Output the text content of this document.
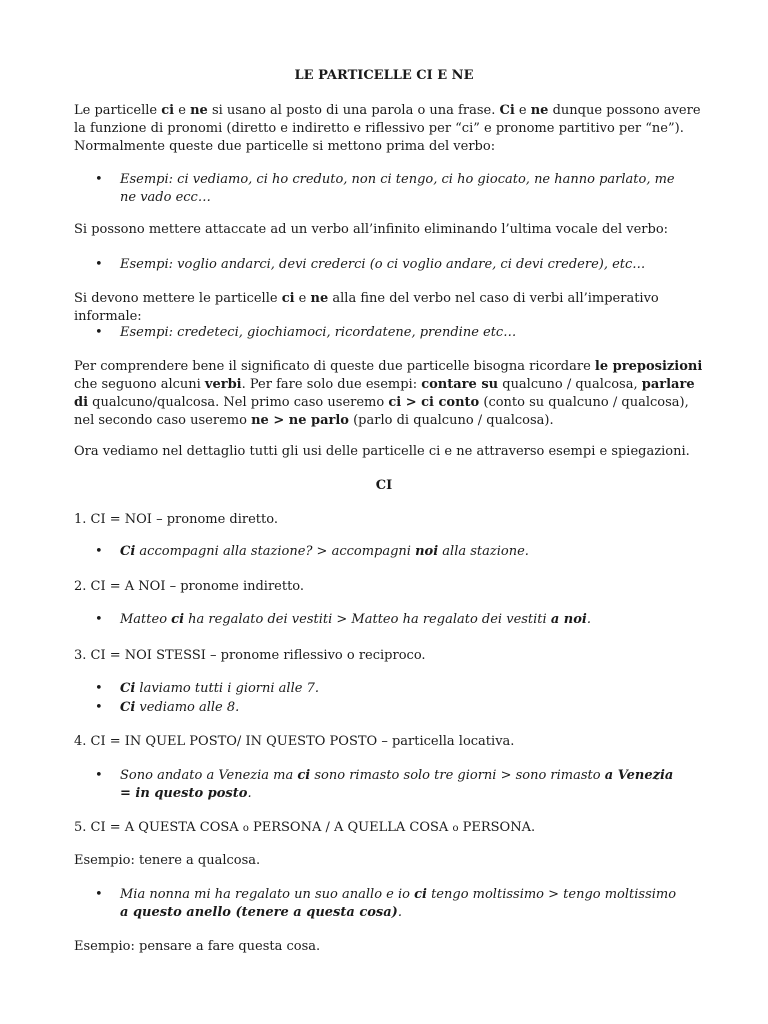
LE PARTICELLE CI E NE

Le particelle ci e ne si usano al posto di una parola o una frase. Ci e ne dunque possono avere la funzione di pronomi (diretto e indiretto e riflessivo per “ci” e pronome partitivo per “ne”). Normalmente queste due particelle si mettono prima del verbo:

• Esempi: ci vediamo, ci ho creduto, non ci tengo, ci ho giocato, ne hanno parlato, me ne vado ecc…

Si possono mettere attaccate ad un verbo all’infinito eliminando l’ultima vocale del verbo:

• Esempi: voglio andarci, devi crederci (o ci voglio andare, ci devi credere), etc…

Si devono mettere le particelle ci e ne alla fine del verbo nel caso di verbi all’imperativo informale:

• Esempi: credeteci, giochiamoci, ricordatene, prendine etc…

Per comprendere bene il significato di queste due particelle bisogna ricordare le preposizioni che seguono alcuni verbi. Per fare solo due esempi: contare su qualcuno / qualcosa, parlare di qualcuno/qualcosa. Nel primo caso useremo ci > ci conto (conto su qualcuno / qualcosa), nel secondo caso useremo ne > ne parlo (parlo di qualcuno / qualcosa).

Ora vediamo nel dettaglio tutti gli usi delle particelle ci e ne attraverso esempi e spiegazioni.

CI

1. CI = NOI – pronome diretto.

• Ci accompagni alla stazione? > accompagni noi alla stazione.

2. CI = A NOI – pronome indiretto.

• Matteo ci ha regalato dei vestiti > Matteo ha regalato dei vestiti a noi.

3. CI = NOI STESSI – pronome riflessivo o reciproco.

• Ci laviamo tutti i giorni alle 7.

• Ci vediamo alle 8.

4. CI = IN QUEL POSTO/ IN QUESTO POSTO – particella locativa.

• Sono andato a Venezia ma ci sono rimasto solo tre giorni > sono rimasto a Venezia = in questo posto.

5. CI = A QUESTA COSA o PERSONA / A QUELLA COSA o PERSONA.

Esempio: tenere a qualcosa.

• Mia nonna mi ha regalato un suo anallo e io ci tengo moltissimo > tengo moltissimo a questo anello (tenere a questa cosa).

Esempio: pensare a fare questa cosa.
